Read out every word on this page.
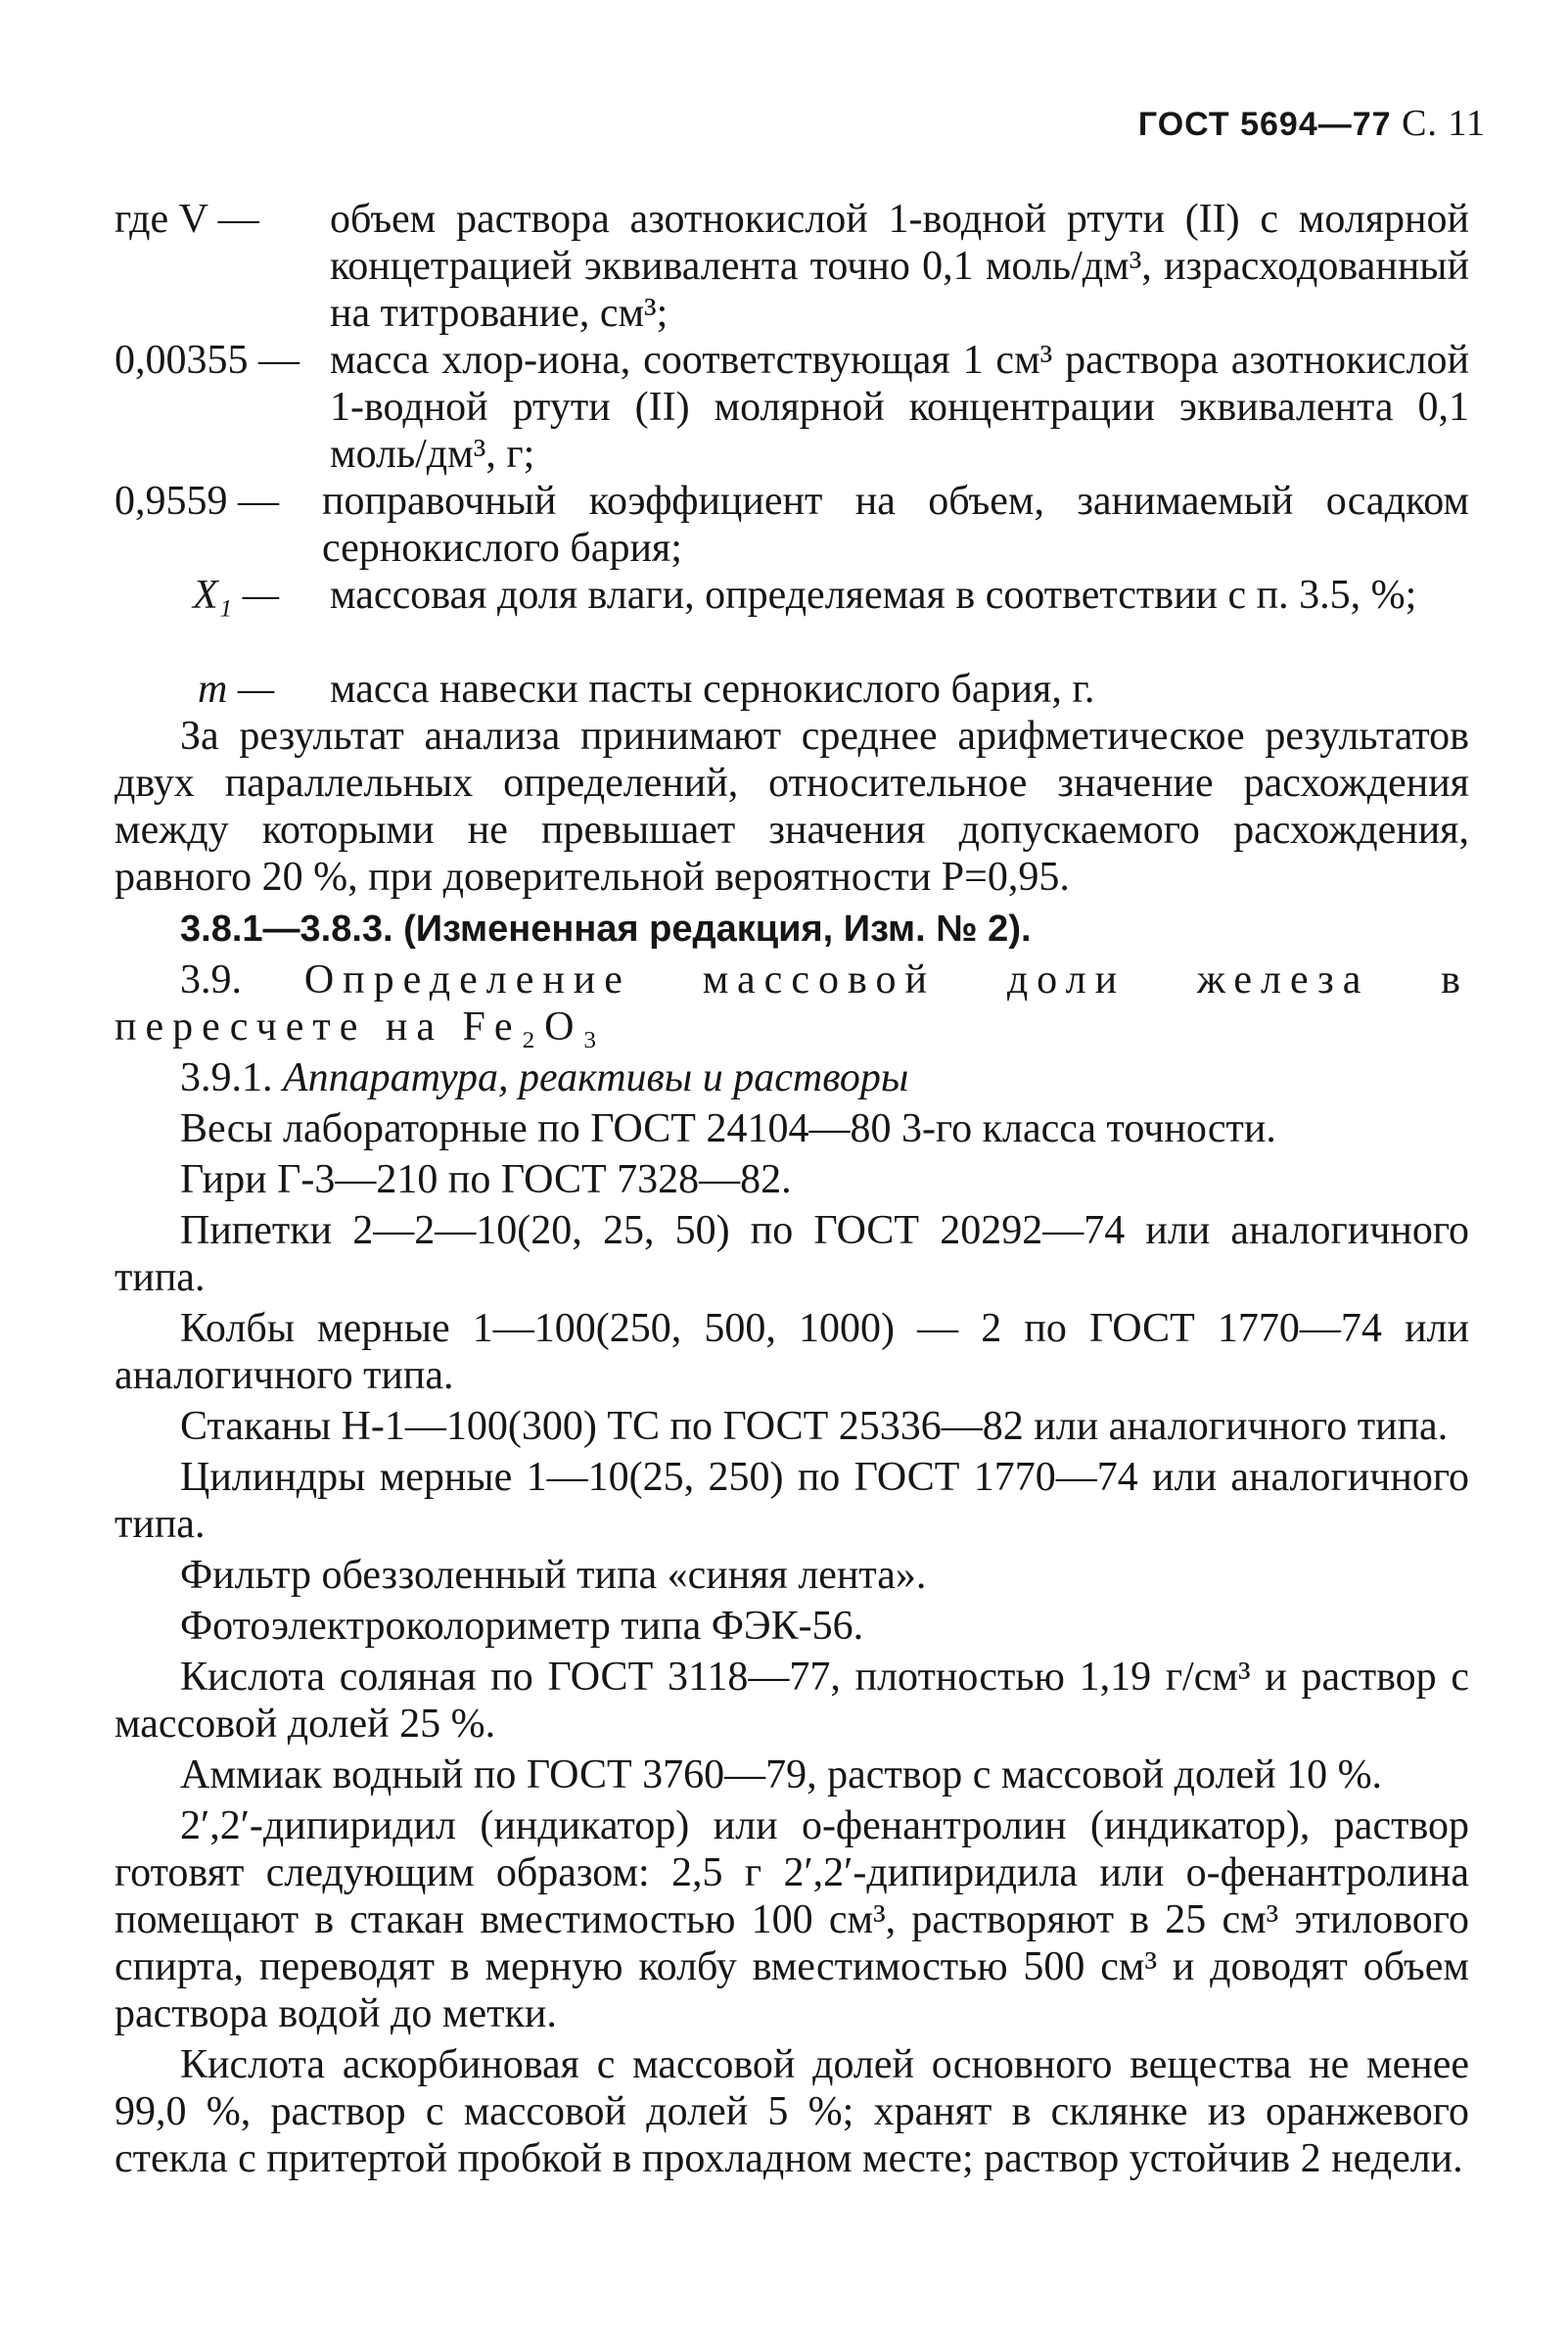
ГОСТ 5694—77 С. 11
где V — объем раствора азотнокислой 1-водной ртути (II) с молярной концетрацией эквивалента точно 0,1 моль/дм³, израсходованный на титрование, см³;
0,00355 — масса хлор-иона, соответствующая 1 см³ раствора азотнокислой 1-водной ртути (II) молярной концентрации эквивалента 0,1 моль/дм³, г;
0,9559 — поправочный коэффициент на объем, занимаемый осадком сернокислого бария;
X₁ — массовая доля влаги, определяемая в соответствии с п. 3.5, %;
m — масса навески пасты сернокислого бария, г.

За результат анализа принимают среднее арифметическое результатов двух параллельных определений, относительное значение расхождения между которыми не превышает значения допускаемого расхождения, равного 20 %, при доверительной вероятности P=0,95.

3.8.1—3.8.3. (Измененная редакция, Изм. № 2).

3.9. Определение массовой доли железа в пересчете на Fe₂O₃

3.9.1. Аппаратура, реактивы и растворы

Весы лабораторные по ГОСТ 24104—80 3-го класса точности.

Гири Г-3—210 по ГОСТ 7328—82.

Пипетки 2—2—10(20, 25, 50) по ГОСТ 20292—74 или аналогичного типа.

Колбы мерные 1—100(250, 500, 1000) — 2 по ГОСТ 1770—74 или аналогичного типа.

Стаканы Н-1—100(300) ТС по ГОСТ 25336—82 или аналогичного типа.

Цилиндры мерные 1—10(25, 250) по ГОСТ 1770—74 или аналогичного типа.

Фильтр обеззоленный типа «синяя лента».

Фотоэлектроколориметр типа ФЭК-56.

Кислота соляная по ГОСТ 3118—77, плотностью 1,19 г/см³ и раствор с массовой долей 25 %.

Аммиак водный по ГОСТ 3760—79, раствор с массовой долей 10 %.

2′,2′-дипиридил (индикатор) или о-фенантролин (индикатор), раствор готовят следующим образом: 2,5 г 2′,2′-дипиридила или о-фенантролина помещают в стакан вместимостью 100 см³, растворяют в 25 см³ этилового спирта, переводят в мерную колбу вместимостью 500 см³ и доводят объем раствора водой до метки.

Кислота аскорбиновая с массовой долей основного вещества не менее 99,0 %, раствор с массовой долей 5 %; хранят в склянке из оранжевого стекла с притертой пробкой в прохладном месте; раствор устойчив 2 недели.
